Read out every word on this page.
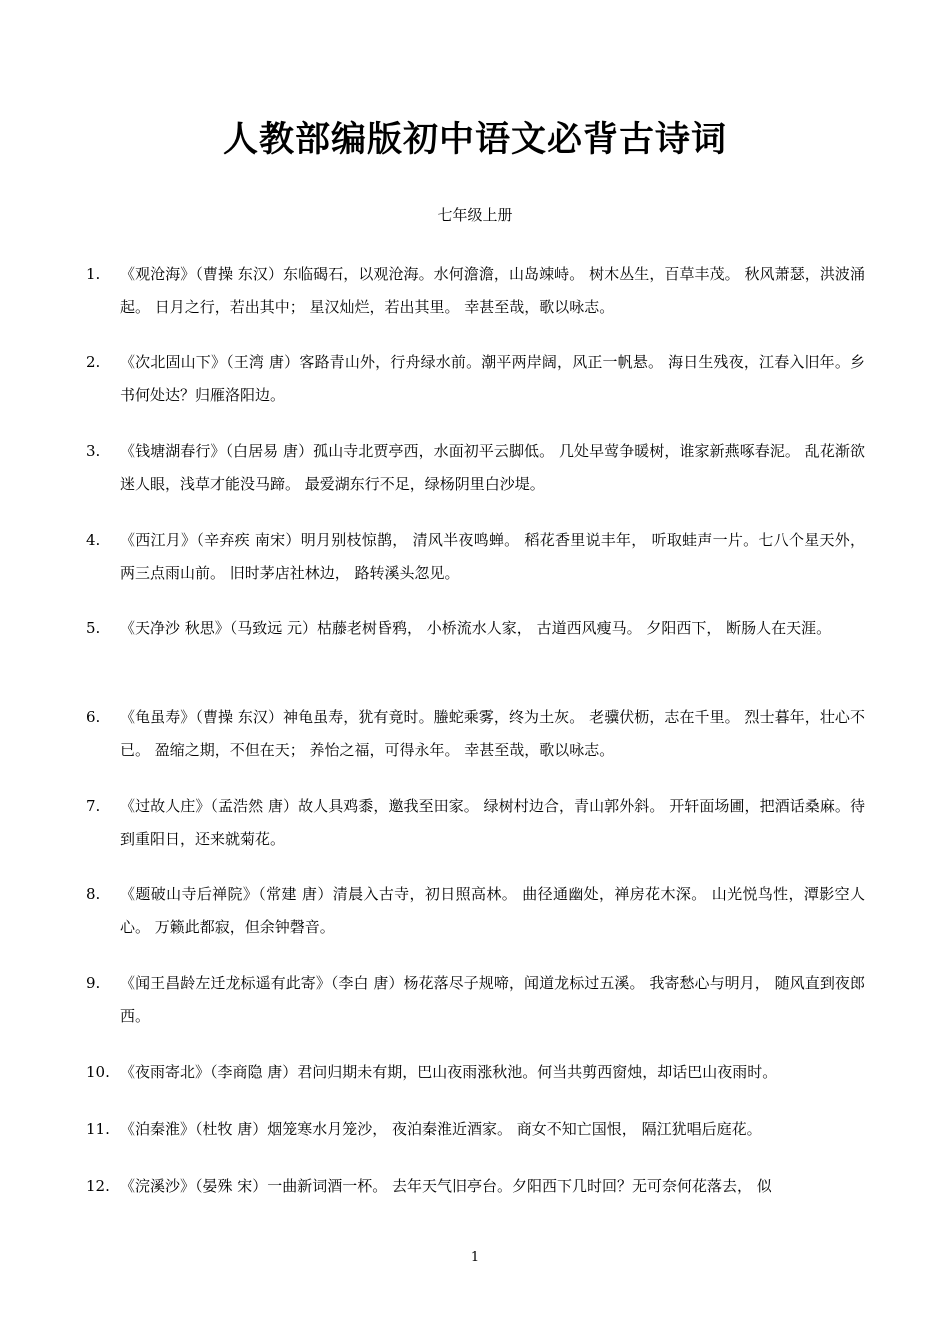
人教部编版初中语文必背古诗词
七年级上册
1. 《观沧海》（曹操 东汉）东临碣石，以观沧海。水何澹澹，山岛竦峙。 树木丛生，百草丰茂。 秋风萧瑟，洪波涌起。 日月之行，若出其中； 星汉灿烂，若出其里。 幸甚至哉，歌以咏志。

2. 《次北固山下》（王湾 唐）客路青山外，行舟绿水前。潮平两岸阔，风正一帆悬。 海日生残夜，江春入旧年。乡书何处达？归雁洛阳边。

3. 《钱塘湖春行》（白居易 唐）孤山寺北贾亭西，水面初平云脚低。 几处早莺争暖树，谁家新燕啄春泥。 乱花渐欲迷人眼，浅草才能没马蹄。 最爱湖东行不足，绿杨阴里白沙堤。

4. 《西江月》（辛弃疾 南宋）明月别枝惊鹊， 清风半夜鸣蝉。 稻花香里说丰年， 听取蛙声一片。七八个星天外， 两三点雨山前。 旧时茅店社林边， 路转溪头忽见。

5. 《天净沙 秋思》（马致远 元）枯藤老树昏鸦， 小桥流水人家， 古道西风瘦马。 夕阳西下， 断肠人在天涯。

6. 《龟虽寿》（曹操 东汉）神龟虽寿，犹有竟时。螣蛇乘雾，终为土灰。 老骥伏枥，志在千里。 烈士暮年，壮心不已。 盈缩之期，不但在天； 养怡之福，可得永年。 幸甚至哉，歌以咏志。

7. 《过故人庄》（孟浩然 唐）故人具鸡黍，邀我至田家。 绿树村边合，青山郭外斜。 开轩面场圃，把酒话桑麻。待到重阳日，还来就菊花。

8. 《题破山寺后禅院》（常建 唐）清晨入古寺，初日照高林。 曲径通幽处，禅房花木深。 山光悦鸟性，潭影空人心。 万籁此都寂，但余钟磬音。

9. 《闻王昌龄左迁龙标遥有此寄》（李白 唐）杨花落尽子规啼，闻道龙标过五溪。 我寄愁心与明月， 随风直到夜郎西。

10. 《夜雨寄北》（李商隐 唐）君问归期未有期，巴山夜雨涨秋池。何当共剪西窗烛，却话巴山夜雨时。

11. 《泊秦淮》（杜牧 唐）烟笼寒水月笼沙， 夜泊秦淮近酒家。 商女不知亡国恨， 隔江犹唱后庭花。

12. 《浣溪沙》（晏殊 宋）一曲新词酒一杯。 去年天气旧亭台。夕阳西下几时回？无可奈何花落去， 似

1
